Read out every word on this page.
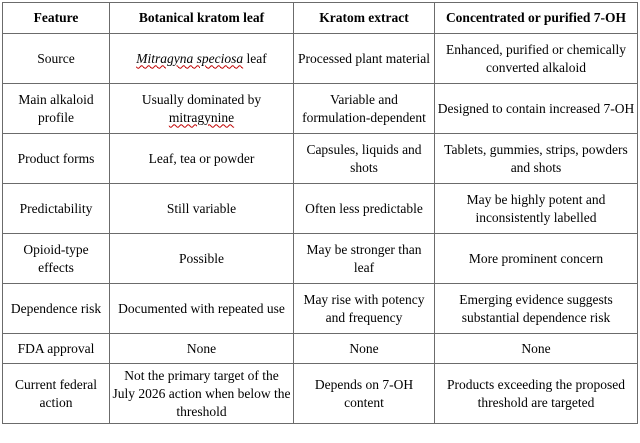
Feature	Botanical kratom leaf	Kratom extract	Concentrated or purified 7-OH
Source	Mitragyna speciosa leaf	Processed plant material	Enhanced, purified or chemically converted alkaloid
Main alkaloid profile	Usually dominated by mitragynine	Variable and formulation-dependent	Designed to contain increased 7-OH
Product forms	Leaf, tea or powder	Capsules, liquids and shots	Tablets, gummies, strips, powders and shots
Predictability	Still variable	Often less predictable	May be highly potent and inconsistently labelled
Opioid-type effects	Possible	May be stronger than leaf	More prominent concern
Dependence risk	Documented with repeated use	May rise with potency and frequency	Emerging evidence suggests substantial dependence risk
FDA approval	None	None	None
Current federal action	Not the primary target of the July 2026 action when below the threshold	Depends on 7-OH content	Products exceeding the proposed threshold are targeted
